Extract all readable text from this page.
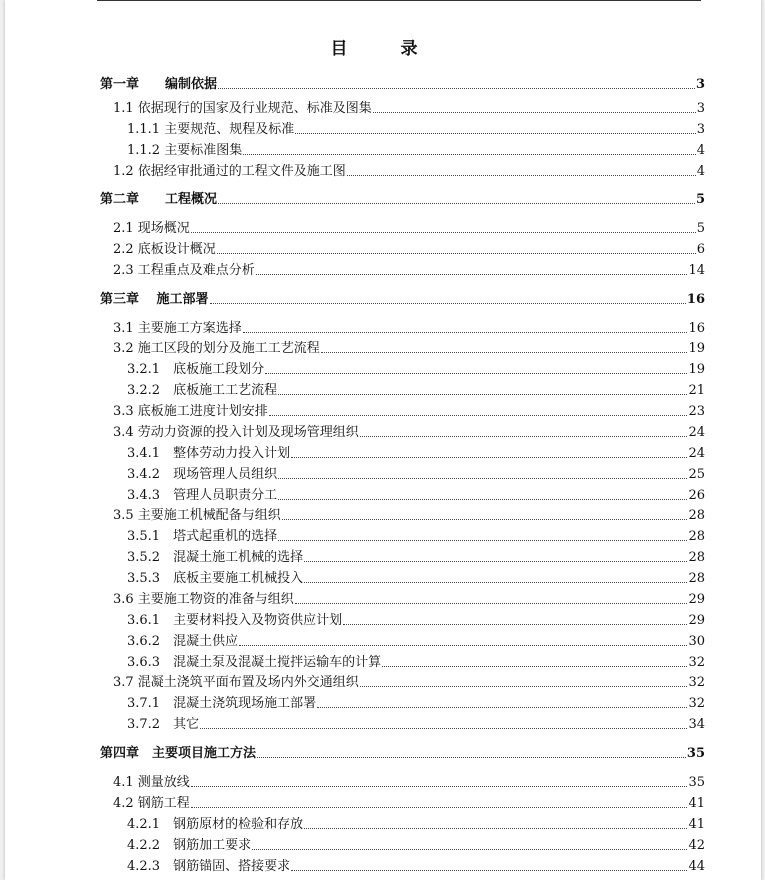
目　录
第一章　　编制依据	3
1.1 依据现行的国家及行业规范、标准及图集	3
1.1.1 主要规范、规程及标准	3
1.1.2 主要标准图集	4
1.2 依据经审批通过的工程文件及施工图	4
第二章　　工程概况	5
2.1 现场概况	5
2.2 底板设计概况	6
2.3 工程重点及难点分析	14
第三章　 施工部署	16
3.1 主要施工方案选择	16
3.2 施工区段的划分及施工工艺流程	19
3.2.1　底板施工段划分	19
3.2.2　底板施工工艺流程	21
3.3 底板施工进度计划安排	23
3.4 劳动力资源的投入计划及现场管理组织	24
3.4.1　整体劳动力投入计划	24
3.4.2　现场管理人员组织	25
3.4.3　管理人员职责分工	26
3.5 主要施工机械配备与组织	28
3.5.1　塔式起重机的选择	28
3.5.2　混凝土施工机械的选择	28
3.5.3　底板主要施工机械投入	28
3.6 主要施工物资的准备与组织	29
3.6.1　主要材料投入及物资供应计划	29
3.6.2　混凝土供应	30
3.6.3　混凝土泵及混凝土搅拌运输车的计算	32
3.7 混凝土浇筑平面布置及场内外交通组织	32
3.7.1　混凝土浇筑现场施工部署	32
3.7.2　其它	34
第四章　主要项目施工方法	35
4.1 测量放线	35
4.2 钢筋工程	41
4.2.1　钢筋原材的检验和存放	41
4.2.2　钢筋加工要求	42
4.2.3　钢筋锚固、搭接要求	44
